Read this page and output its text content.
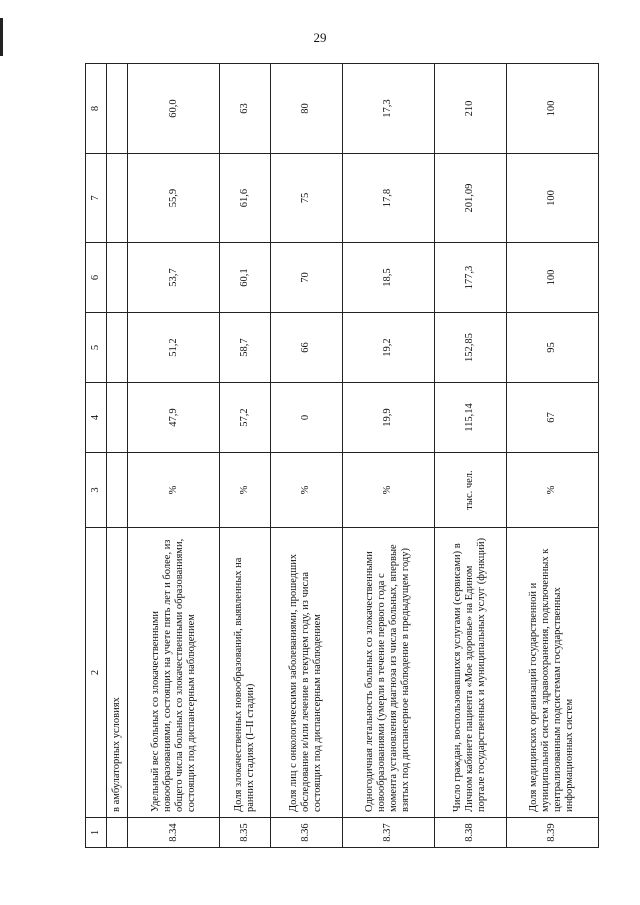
29
1	2	3	4	5	6	7	8
	в амбулаторных условиях						
8.34	Удельный вес больных со злокачественными новообразованиями, состоящих на учете пять лет и более, из общего числа больных со злокачественными образованиями, состоящих под диспансерным наблюдением	%	47,9	51,2	53,7	55,9	60,0
8.35	Доля злокачественных новообразований, выявленных на ранних стадиях (I–II стадии)	%	57,2	58,7	60,1	61,6	63
8.36	Доля лиц с онкологическими заболеваниями, прошедших обследование и/или лечение в текущем году, из числа состоящих под диспансерным наблюдением	%	0	66	70	75	80
8.37	Одногодичная летальность больных со злокачественными новообразованиями (умерли в течение первого года с момента установления диагноза из числа больных, впервые взятых под диспансерное наблюдение в предыдущем году)	%	19,9	19,2	18,5	17,8	17,3
8.38	Число граждан, воспользовавшихся услугами (сервисами) в Личном кабинете пациента «Мое здоровье» на Едином портале государственных и муниципальных услуг (функций)	тыс. чел.	115,14	152,85	177,3	201,09	210
8.39	Доля медицинских организаций государственной и муниципальной систем здравоохранения, подключенных к централизованным подсистемам государственных информационных систем	%	67	95	100	100	100
